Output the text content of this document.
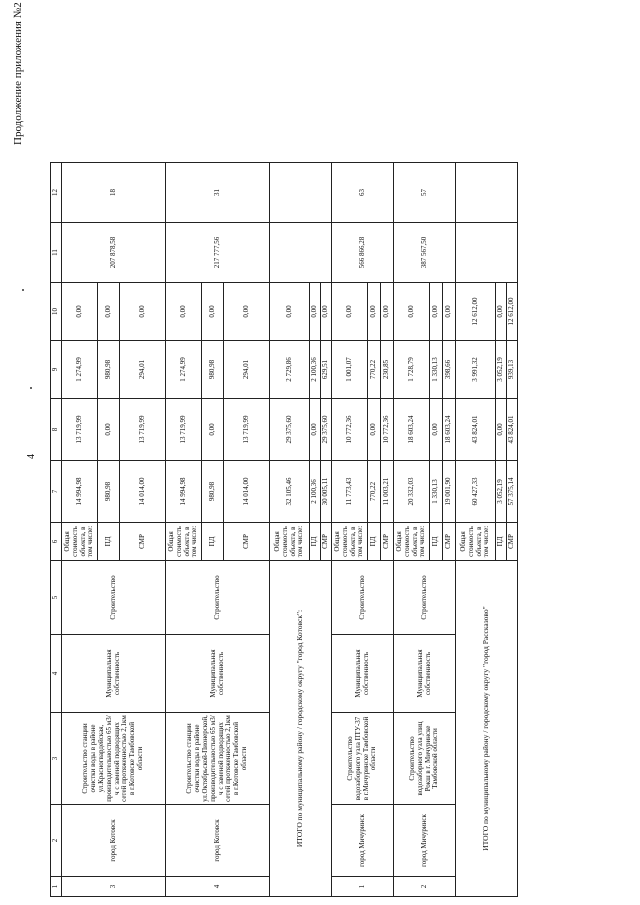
4
Продолжение приложения №2
1	2	3	4	5	6	7	8	9	10	11	12
3	город Котовск	Строительство станции очистки воды в районе ул.Красногвардейская, производительностью 65 м3/ч с заменой подводящих сетей протяженностью 2,1км в г.Котовске Тамбовской области	Муниципальная собственность	Строительство	Общая стоимость объекта, в том числе:	14 994,98	13 719,99	1 274,99	0,00	207 878,58	18
					ПД	980,98	0,00	980,98	0,00		
					СМР	14 014,00	13 719,99	294,01	0,00		
4	город Котовск	Строительство станции очистки воды в районе ул.Октябрьской-Пионерской, производительностью 65 м3/ч с заменой подводящих сетей протяженностью 2,1км в г.Котовске Тамбовской области	Муниципальная собственность	Строительство	Общая стоимость объекта, в том числе:	14 994,98	13 719,99	1 274,99	0,00	217 777,56	31
					ПД	980,98	0,00	980,98	0,00		
					СМР	14 014,00	13 719,99	294,01	0,00		
ИТОГО по муниципальному району / городскому округу "город Котовск":					Общая стоимость объекта, в том числе:	32 105,46	29 375,60	2 729,86	0,00		
					ПД	2 100,36	0,00	2 100,36	0,00		
					СМР	30 005,11	29 375,60	629,51	0,00		
1	город Мичуринск	Строительство водозаборного узла ПТУ-37 в г.Мичуринске Тамбовской области	Муниципальная собственность	Строительство	Общая стоимость объекта, в том числе:	11 773,43	10 772,36	1 001,07	0,00	566 866,28	63
					ПД	770,22	0,00	770,22	0,00		
					СМР	11 003,21	10 772,36	230,85	0,00		
2	город Мичуринск	Строительство водозаборного узла улиц Рокш в г. Мичуринске Тамбовской области	Муниципальная собственность	Строительство	Общая стоимость объекта, в том числе:	20 332,03	18 603,24	1 728,79	0,00	387 567,50	57
					ПД	1 330,13	0,00	1 330,13	0,00		
					СМР	19 001,90	18 603,24	398,66	0,00		
ИТОГО по муниципальному району / городскому округу "город Рассказово"					Общая стоимость объекта, в том числе:	60 427,33	43 824,01	3 991,32	12 612,00		
					ПД	3 052,19	0,00	3 052,19	0,00		
					СМР	57 375,14	43 824,01	939,13	12 612,00		
